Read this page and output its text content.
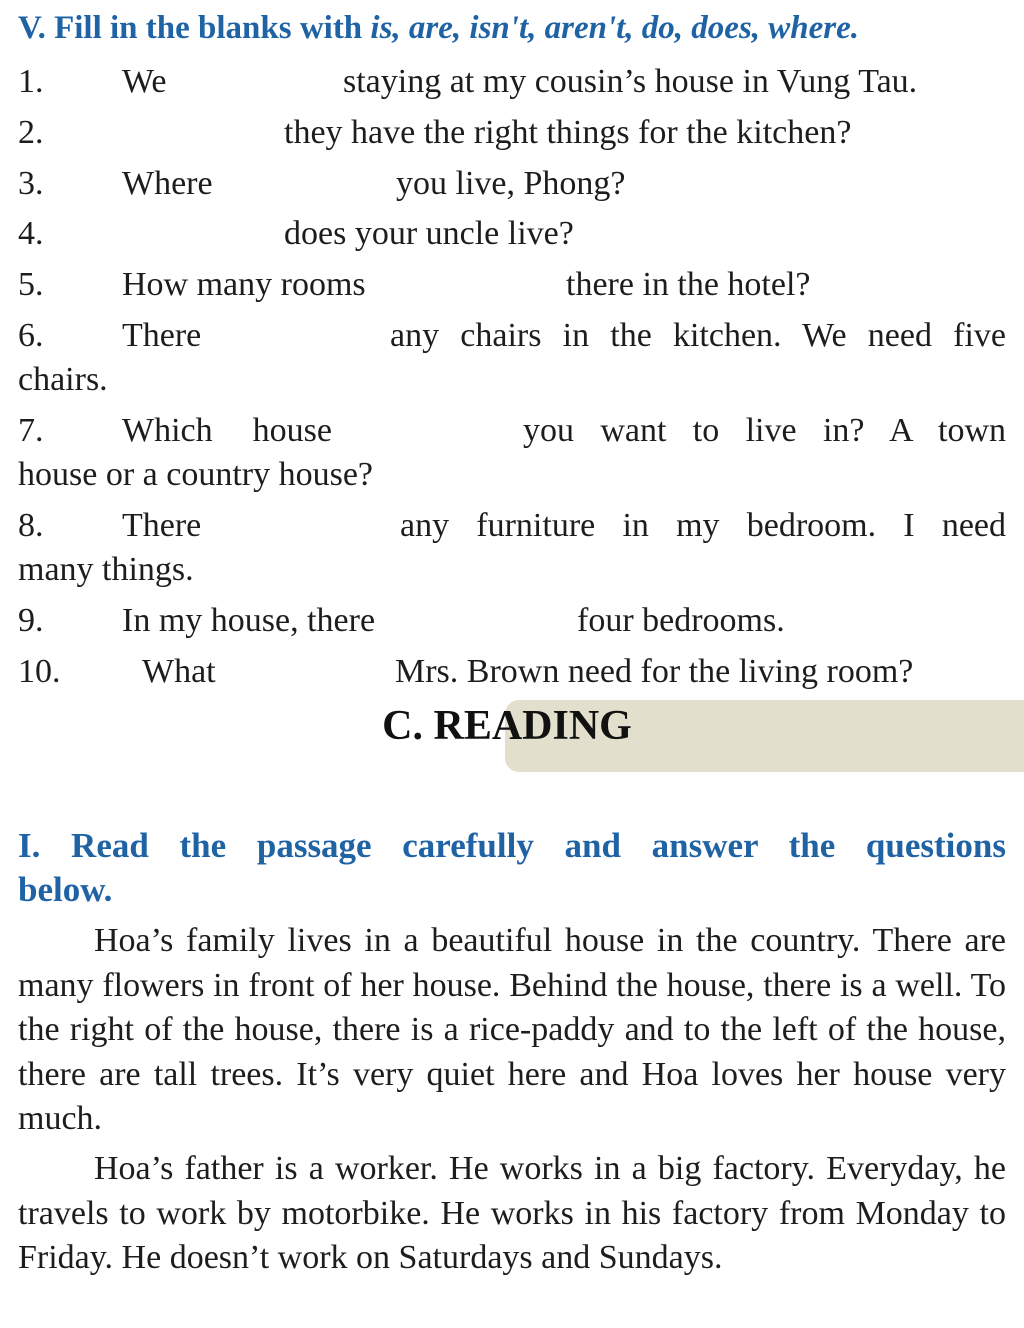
V. Fill in the blanks with is, are, isn't, aren't, do, does, where.
1. We	staying at my cousin’s house in Vung Tau.
2.	they have the right things for the kitchen?
3. Where	you live, Phong?
4.	does your uncle live?
5. How many rooms	there in the hotel?
6. There	any chairs in the kitchen. We need five
chairs.
7. Which house	you want to live in? A town
house or a country house?
8. There	any furniture in my bedroom. I need
many things.
9. In my house, there	four bedrooms.
10. What	Mrs. Brown need for the living room?
C. READING
I. Read the passage carefully and answer the questions
below.
Hoa’s family lives in a beautiful house in the country. There are many flowers in front of her house. Behind the house, there is a well. To the right of the house, there is a rice-paddy and to the left of the house, there are tall trees. It’s very quiet here and Hoa loves her house very much.
Hoa’s father is a worker. He works in a big factory. Everyday, he travels to work by motorbike. He works in his factory from Monday to Friday. He doesn’t work on Saturdays and Sundays.
